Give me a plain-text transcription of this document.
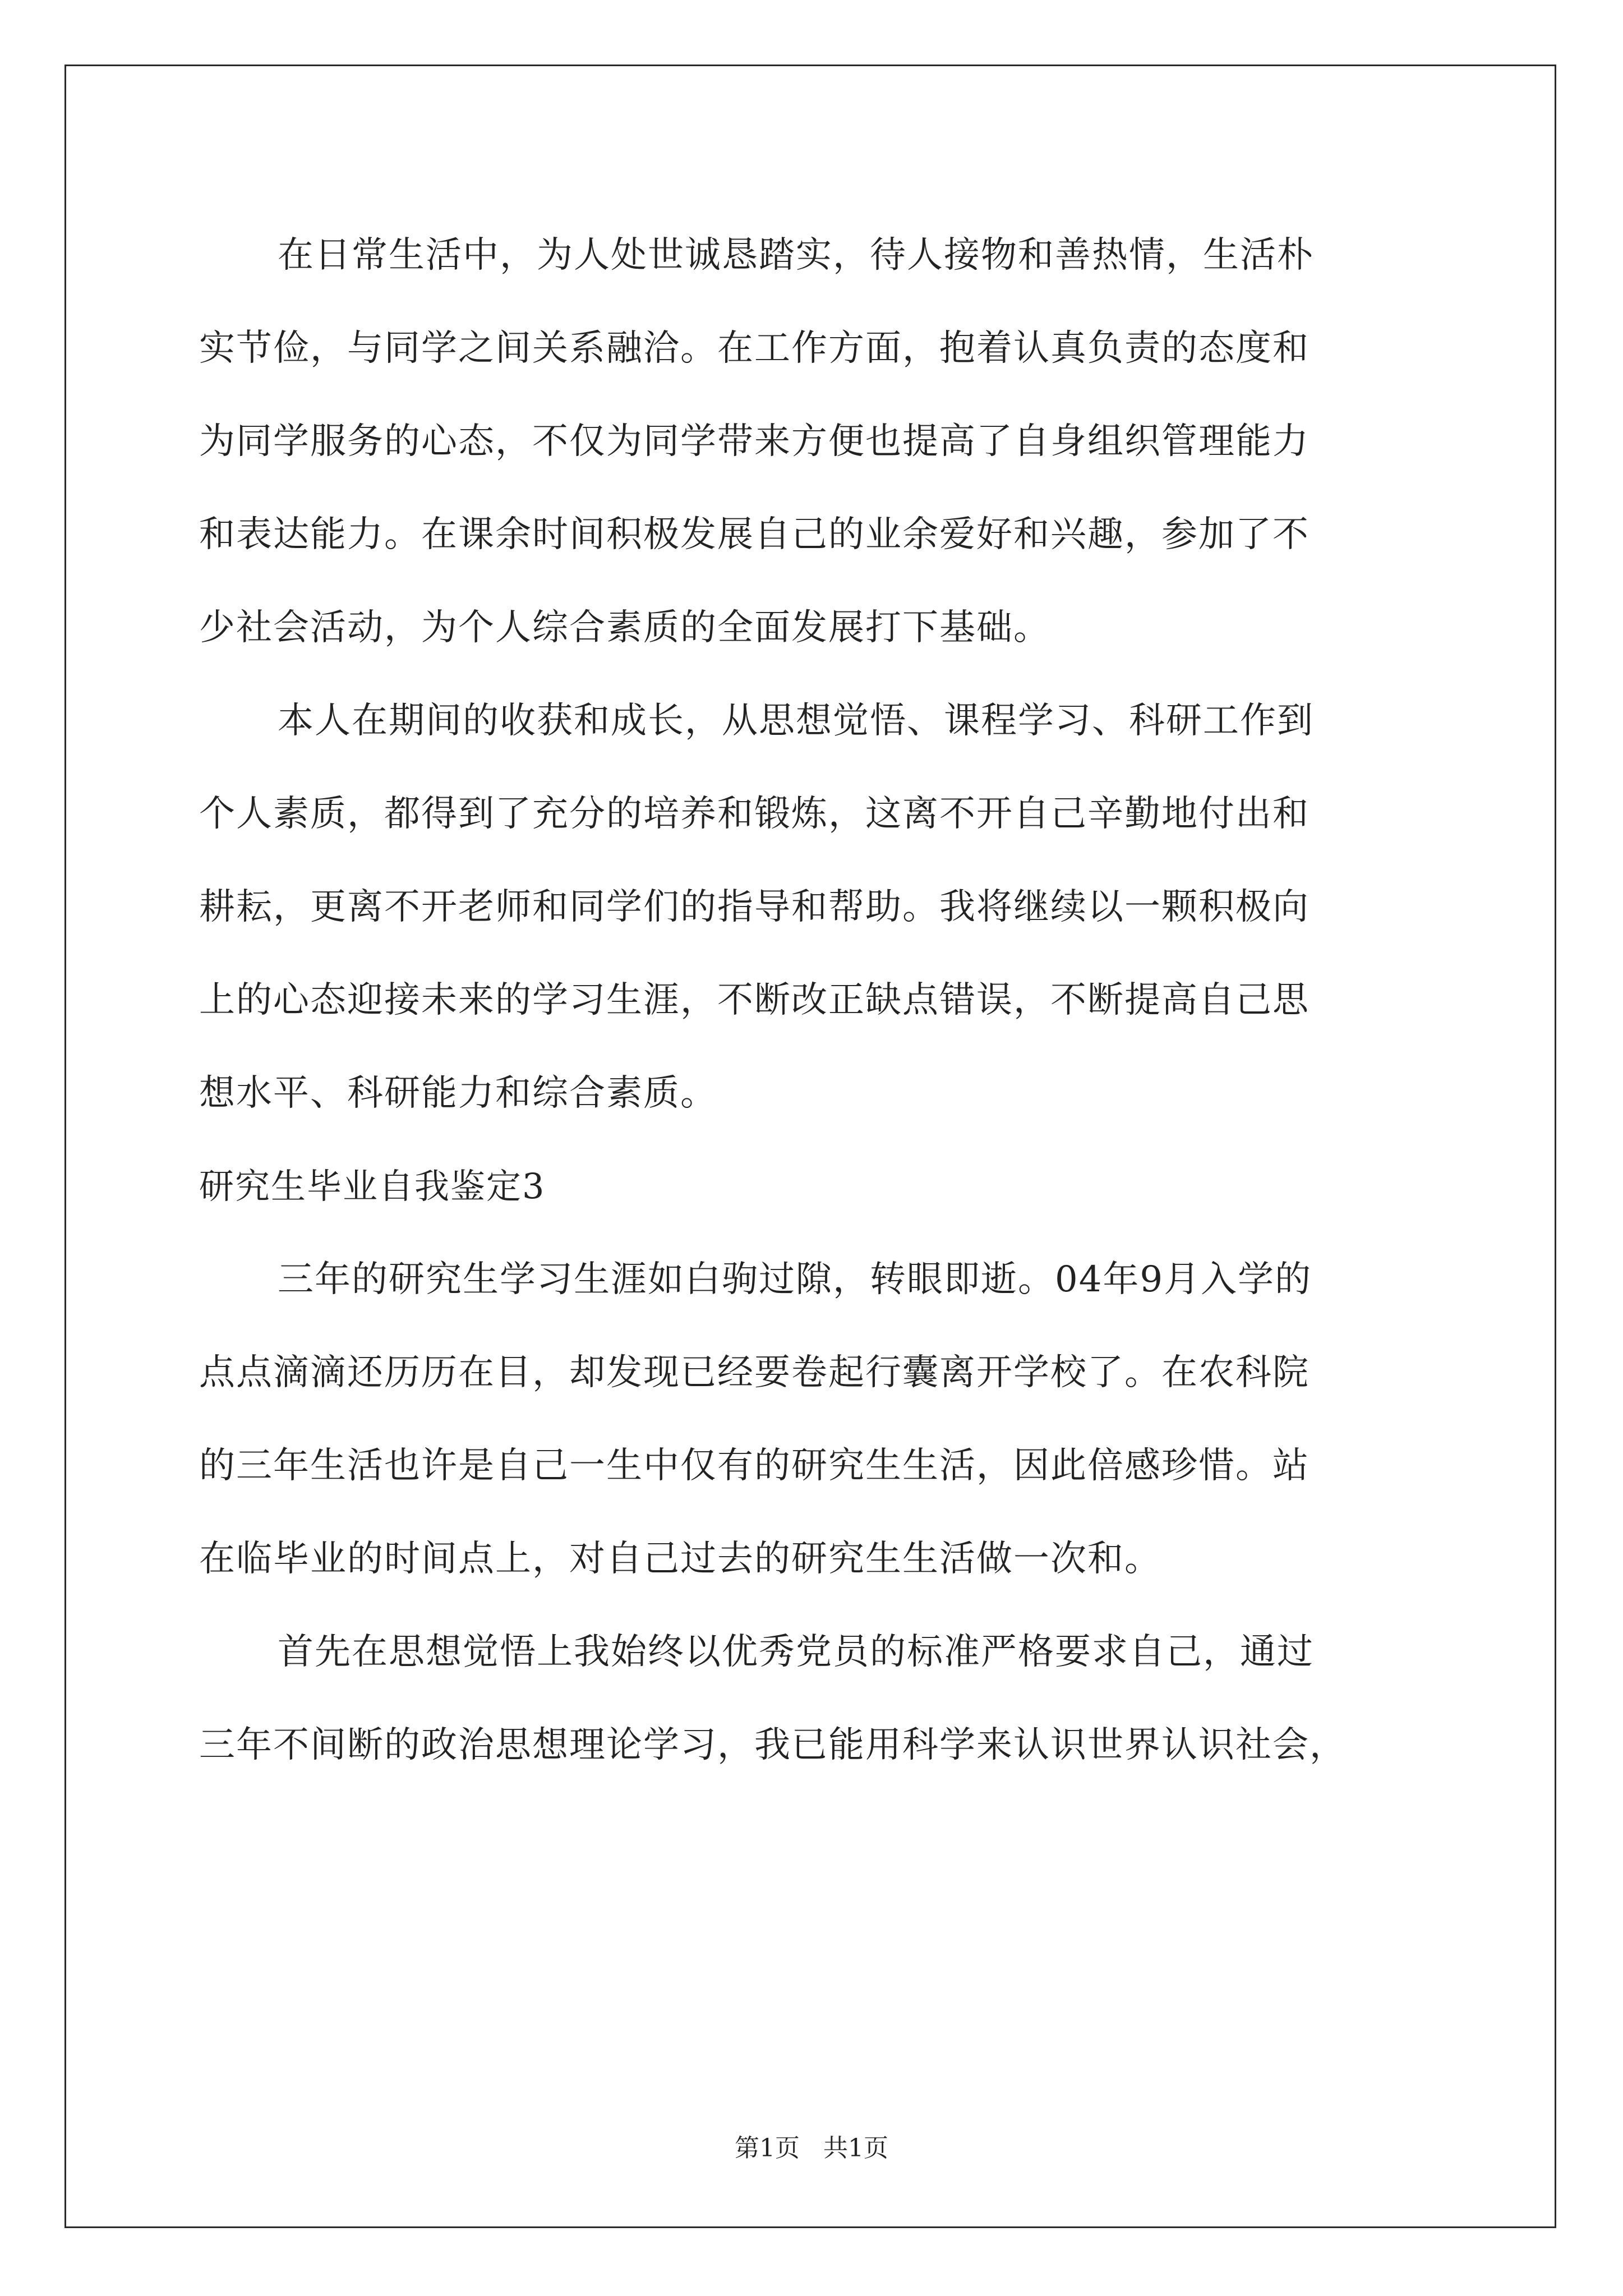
在日常生活中，为人处世诚恳踏实，待人接物和善热情，生活朴
实节俭，与同学之间关系融洽。在工作方面，抱着认真负责的态度和
为同学服务的心态，不仅为同学带来方便也提高了自身组织管理能力
和表达能力。在课余时间积极发展自己的业余爱好和兴趣，参加了不
少社会活动，为个人综合素质的全面发展打下基础。
本人在期间的收获和成长，从思想觉悟、课程学习、科研工作到
个人素质，都得到了充分的培养和锻炼，这离不开自己辛勤地付出和
耕耘，更离不开老师和同学们的指导和帮助。我将继续以一颗积极向
上的心态迎接未来的学习生涯，不断改正缺点错误，不断提高自己思
想水平、科研能力和综合素质。
研究生毕业自我鉴定3
三年的研究生学习生涯如白驹过隙，转眼即逝。04年9月入学的
点点滴滴还历历在目，却发现已经要卷起行囊离开学校了。在农科院
的三年生活也许是自己一生中仅有的研究生生活，因此倍感珍惜。站
在临毕业的时间点上，对自己过去的研究生生活做一次和。
首先在思想觉悟上我始终以优秀党员的标准严格要求自己，通过
三年不间断的政治思想理论学习，我已能用科学来认识世界认识社会，
第1页   共1页
